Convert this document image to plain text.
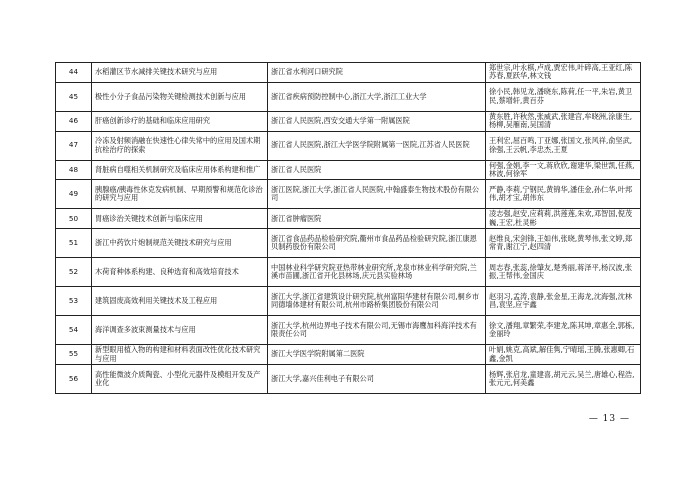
44	水稻灌区节水减排关键技术研究与应用	浙江省水利河口研究院	郑世宗,叶永棋,卢成,贾宏伟,叶碎高,王亚红,陈苏春,夏跃华,林文钱
45	极性小分子食品污染物关键检测技术创新与应用	浙江省疾病预防控制中心,浙江大学,浙江工业大学	徐小民,韩见龙,潘晓东,陈荷,任一平,朱岩,黄卫民,蔡增轩,黄百芬
46	肝癌创新诊疗的基础和临床应用研究	浙江省人民医院,西安交通大学第一附属医院	黄东胜,许秋然,张威武,张建宫,牟晓洲,涂康生,杨柳,吴雁南,吴国清
47	冷冻及射频消融在快速性心律失常中的应用及国术期抗栓治疗的探索	浙江省人民医院,浙江大学医学院附属第一医院,江苏省人民医院	王利宏,屈百鸣,丁亚娜,张国文,张风祥,俞坚武,徐强,王云帆,李忠杰,王夏
48	肾脏病自噬相关机制研究及临床应用体系构建和推广	浙江省人民医院	何强,金娟,李一文,蒋欣欣,谢建华,梁世凯,任燕,林波,何徐军
49	胰腺癌/胰毒性休克发病机制、早期预警和规范化诊治的研究与应用	浙江医院,浙江大学,浙江省人民医院,中翰盛泰生物技术股份有限公司	严静,李莉,宁钢民,黄锦华,潘佳金,孙仁华,叶邦伟,胡才宝,胡伟东
50	胃癌诊治关键技术创新与临床应用	浙江省肿瘤医院	凌志强,赵安,应莉莉,洪莲莲,朱欢,邓智国,倪茂巍,王宏,杜灵彬
51	浙江中药饮片炮制规范关键技术研究与应用	浙江省食品药品检验研究院,衢州市食品药品检验研究院,浙江康恩贝制药股份有限公司	赵维良,宋剑锋,王如伟,张晓,黄琴伟,张文婷,郑常青,谢江宁,赵四清
52	木荷育种体系构建、良种选育和高效培育技术	中国林业科学研究院亚热带林业研究所,龙泉市林业科学研究院,兰溪市苗圃,浙江省开化县林场,庆元县实验林场	周志春,张蕊,徐肇友,楚秀丽,蒋泽平,杨汉波,张振,王帮伟,金国庆
53	建筑固废高效利用关键技术及工程应用	浙江大学,浙江省建筑设计研究院,杭州富阳华建材有限公司,桐乡市同德墙体建材有限公司,杭州市路桥集团股份有限公司	赵羽习,孟涛,袁静,张金星,王海龙,沈海强,沈林昌,袁坚,应宇鑫
54	海洋调查多波束测量技术与应用	浙江大学,杭州边界电子技术有限公司,无锡市海鹰加科海洋技术有限责任公司	徐文,潘翔,章繁荣,李建龙,陈其坤,章惠全,郭栋,金丽玲
55	新型眼用植入物的构建和材料表面改性优化技术研究与应用	浙江大学医学院附属第二医院	叶娟,姚克,高斌,解佳隽,宁晴瑶,王腾,张惠卿,石鑫,金凯
56	高性能微波介质陶瓷、小型化元器件及模组开发及产业化	浙江大学,嘉兴佳利电子有限公司	杨辉,张启龙,童建喜,胡元云,吴兰,唐雄心,程浩,张元元,何美鑫
— 13 —
